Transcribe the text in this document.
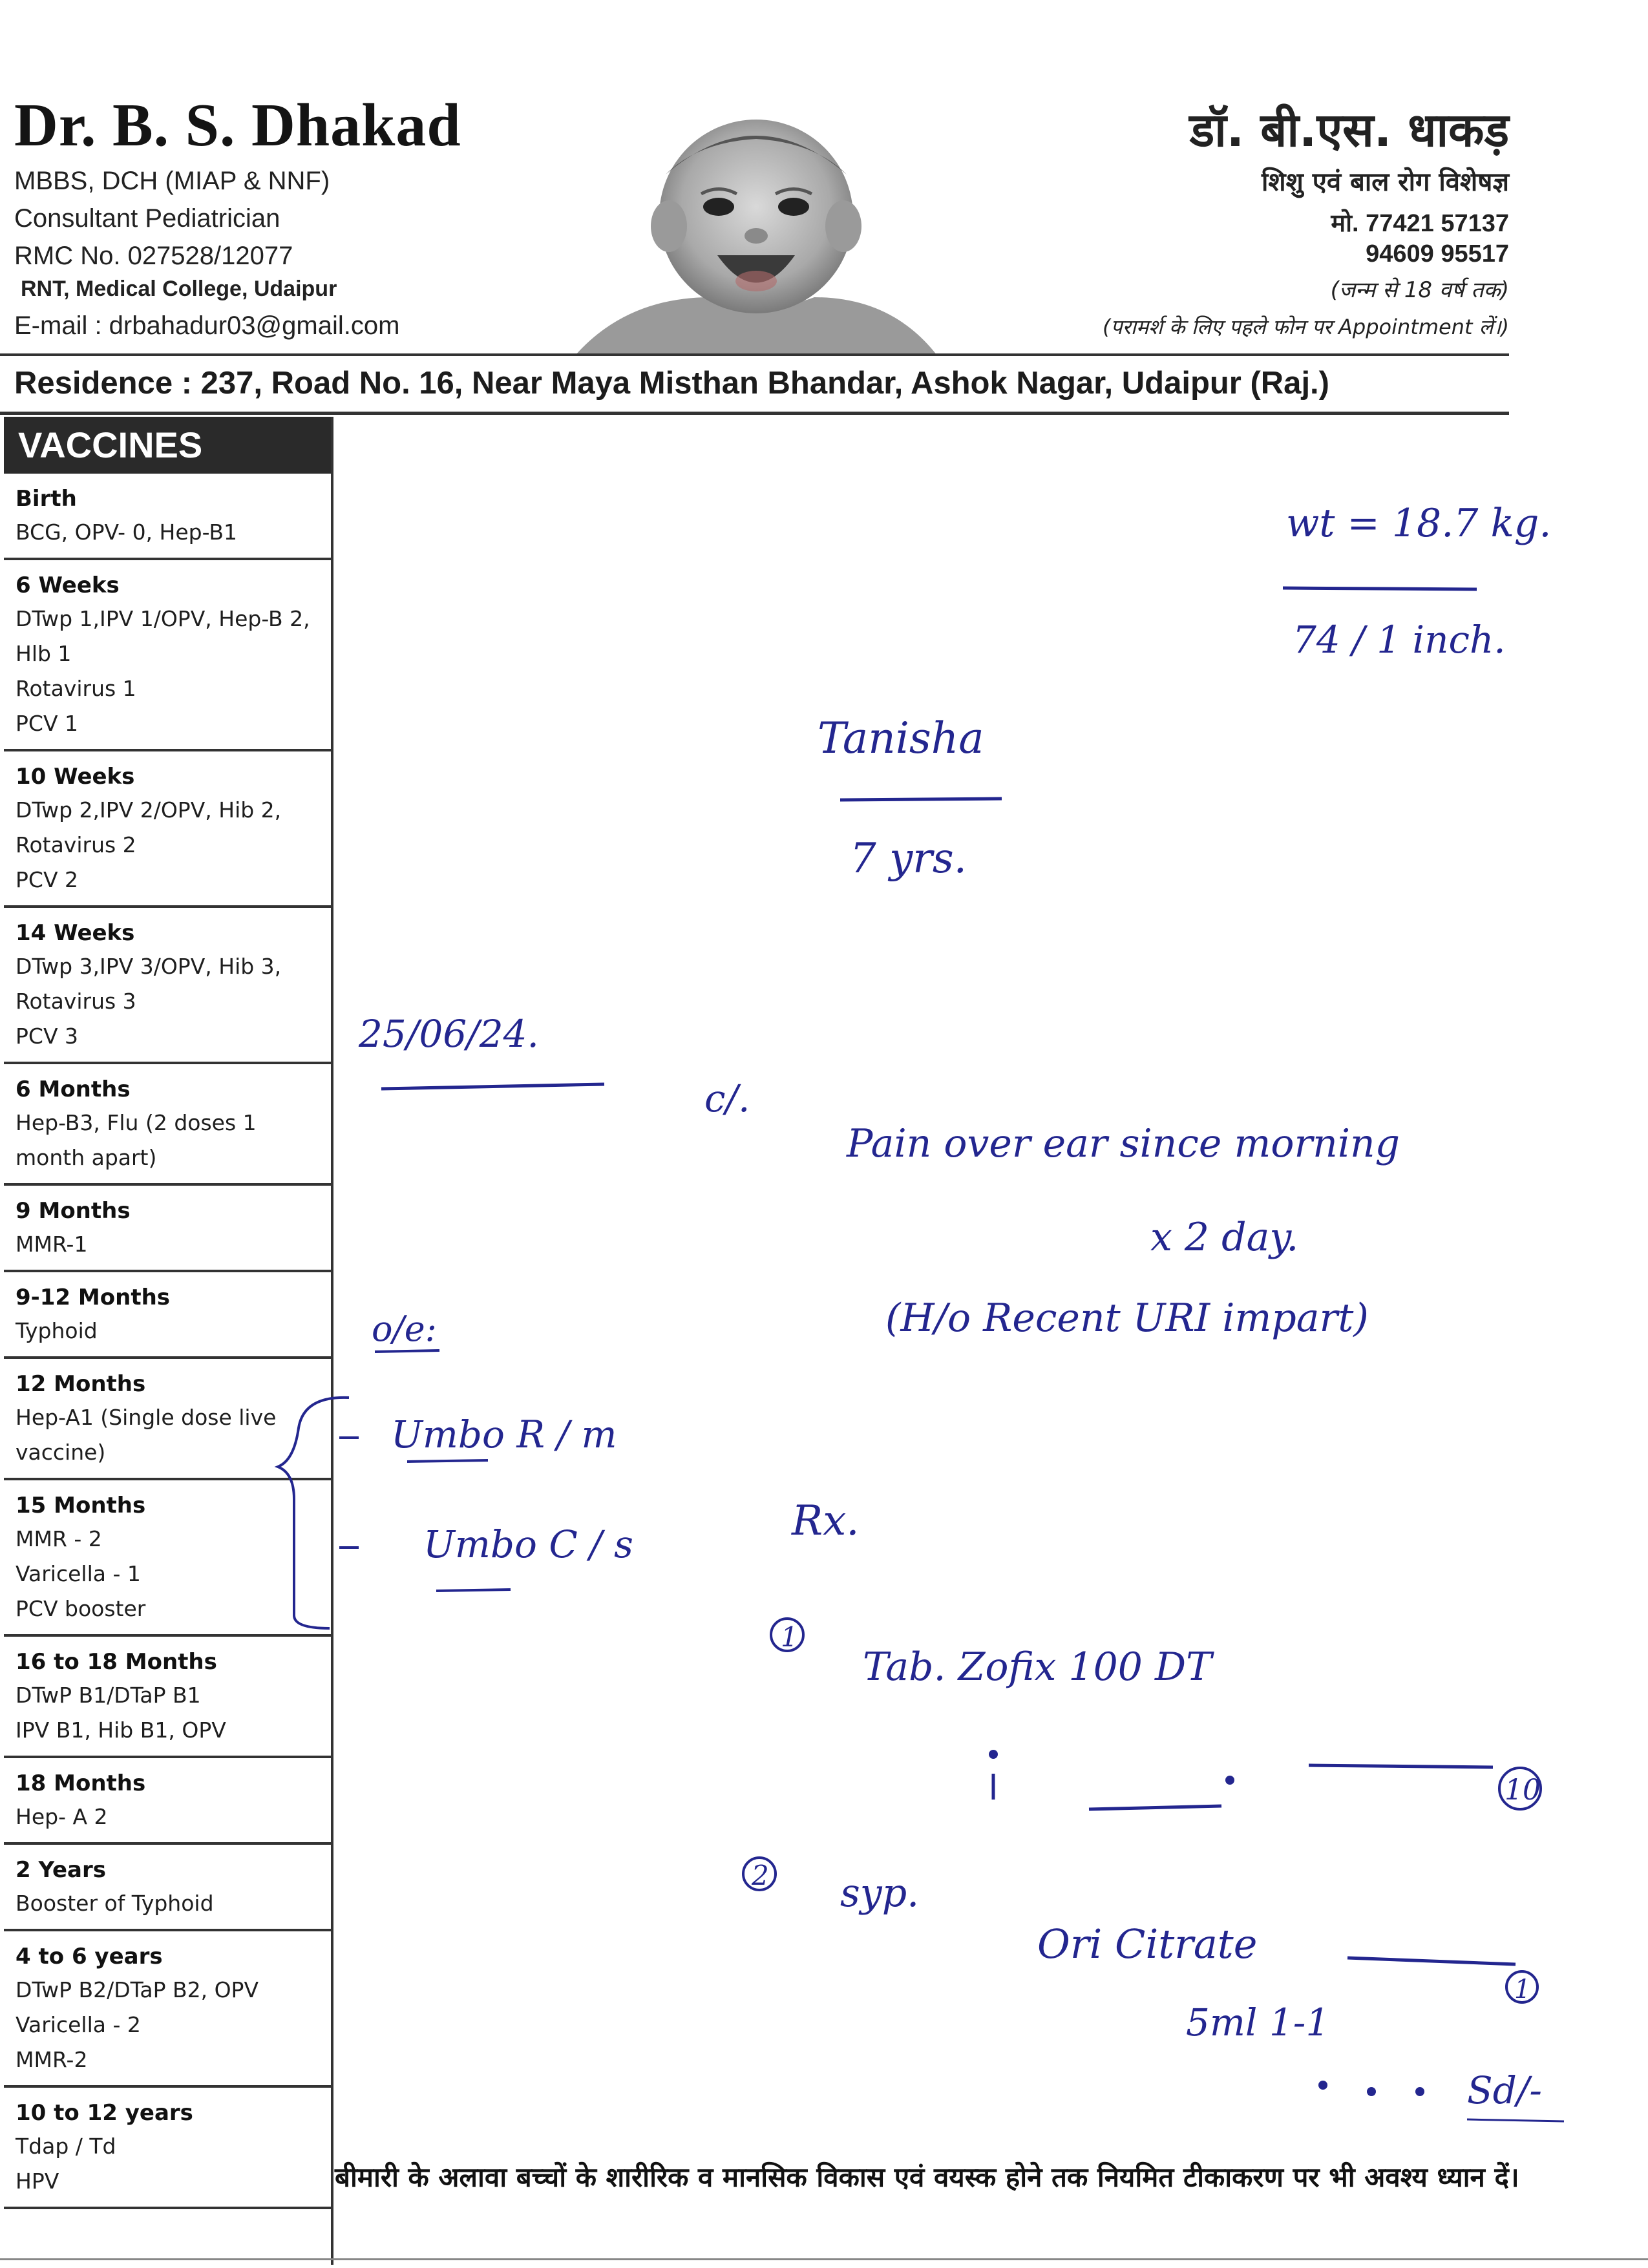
Dr. B. S. Dhakad
MBBS, DCH (MIAP & NNF)
Consultant Pediatrician
RMC No. 027528/12077
RNT, Medical College, Udaipur
E-mail : drbahadur03@gmail.com
डॉ. बी.एस. धाकड़
शिशु एवं बाल रोग विशेषज्ञ
मो. 77421 57137
94609 95517
(जन्म से 18 वर्ष तक)
(परामर्श के लिए पहले फोन पर Appointment लें।)
Residence : 237, Road No. 16, Near Maya Misthan Bhandar, Ashok Nagar, Udaipur (Raj.)
VACCINES
Birth
BCG, OPV- 0, Hep-B1
6 Weeks
DTwp 1,IPV 1/OPV, Hep-B 2,
Hlb 1
Rotavirus 1
PCV 1
10 Weeks
DTwp 2,IPV 2/OPV, Hib 2,
Rotavirus 2
PCV 2
14 Weeks
DTwp 3,IPV 3/OPV, Hib 3,
Rotavirus 3
PCV 3
6 Months
Hep-B3, Flu (2 doses 1
month apart)
9 Months
MMR-1
9-12 Months
Typhoid
12 Months
Hep-A1 (Single dose live
vaccine)
15 Months
MMR - 2
Varicella - 1
PCV booster
16 to 18 Months
DTwP B1/DTaP B1
IPV B1, Hib B1, OPV
18 Months
Hep- A 2
2 Years
Booster of Typhoid
4 to 6 years
DTwP B2/DTaP B2, OPV
Varicella - 2
MMR-2
10 to 12 years
Tdap / Td
HPV
wt = 18.7 kg.
74 / 1 inch.
Tanisha
7 yrs.
25/06/24.
c/.
Pain over ear since morning
x 2 day.
(H/o Recent URI impart)
o/e:
Umbo R / m
Umbo C / s	Rx.
1
Tab. Zofix 100 DT
10
2 syp.
Ori Citrate
1
5ml 1-1
Sd/-
बीमारी के अलावा बच्चों के शारीरिक व मानसिक विकास एवं वयस्क होने तक नियमित टीकाकरण पर भी अवश्य ध्यान दें।
